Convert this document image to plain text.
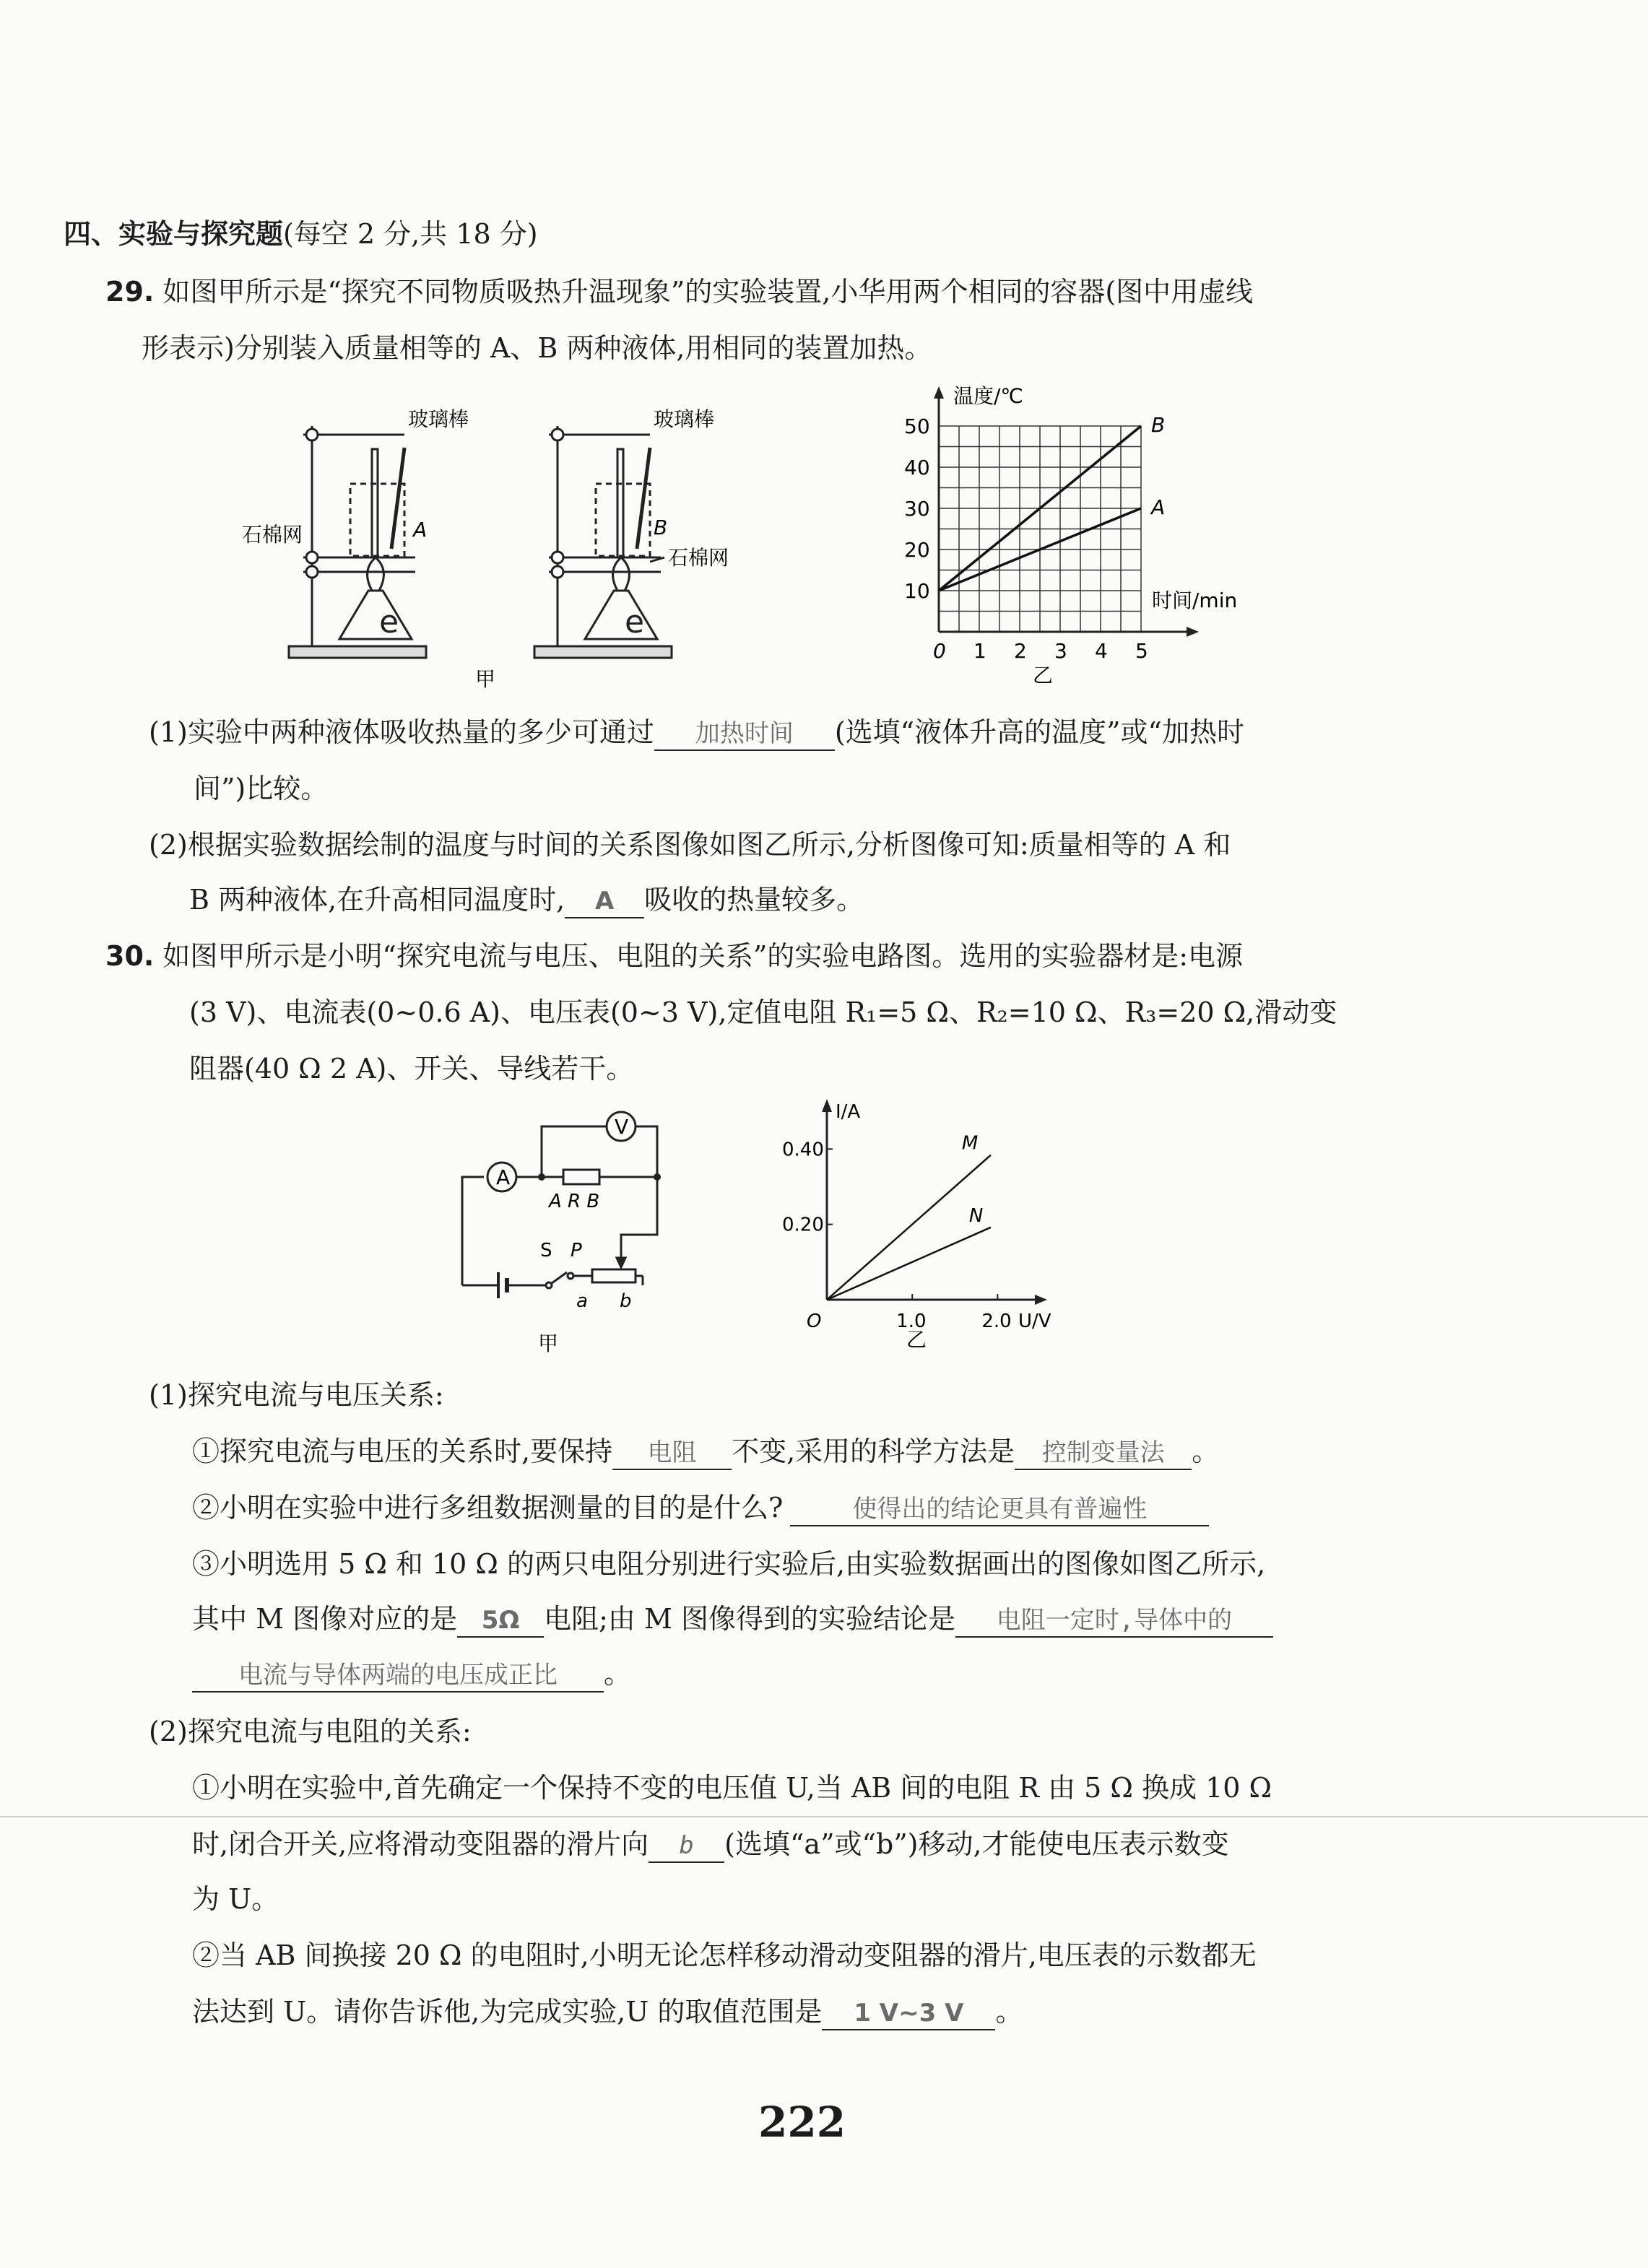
四、实验与探究题(每空 2 分,共 18 分)
29. 如图甲所示是“探究不同物质吸热升温现象”的实验装置,小华用两个相同的容器(图中用虚线
形表示)分别装入质量相等的 A、B 两种液体,用相同的装置加热。
e	e
玻璃棒	玻璃棒
石棉网
石棉网
A	B
甲
0 1 2 3 4 5
10
20
30
40
50
温度/℃
时间/min
B
A
乙
(1)实验中两种液体吸收热量的多少可通过 加热时间 (选填“液体升高的温度”或“加热时
间”)比较。
(2)根据实验数据绘制的温度与时间的关系图像如图乙所示,分析图像可知:质量相等的 A 和
B 两种液体,在升高相同温度时, A 吸收的热量较多。
30. 如图甲所示是小明“探究电流与电压、电阻的关系”的实验电路图。选用的实验器材是:电源
(3 V)、电流表(0~0.6 A)、电压表(0~3 V),定值电阻 R₁=5 Ω、R₂=10 Ω、R₃=20 Ω,滑动变
阻器(40 Ω 2 A)、开关、导线若干。
A
V
A R B
S P
a b
甲
1.0	2.0
O
0.20
0.40
I/A
U/V
M
N
乙
(1)探究电流与电压关系:
①探究电流与电压的关系时,要保持 电阻 不变,采用的科学方法是 控制变量法 。
②小明在实验中进行多组数据测量的目的是什么?	使得出的结论更具有普遍性
③小明选用 5 Ω 和 10 Ω 的两只电阻分别进行实验后,由实验数据画出的图像如图乙所示,
其中 M 图像对应的是 5Ω 电阻;由 M 图像得到的实验结论是 电阻一定时,导体中的
电流与导体两端的电压成正比 。
(2)探究电流与电阻的关系:
①小明在实验中,首先确定一个保持不变的电压值 U,当 AB 间的电阻 R 由 5 Ω 换成 10 Ω
时,闭合开关,应将滑动变阻器的滑片向 b (选填“a”或“b”)移动,才能使电压表示数变
为 U。
②当 AB 间换接 20 Ω 的电阻时,小明无论怎样移动滑动变阻器的滑片,电压表的示数都无
法达到 U。请你告诉他,为完成实验,U 的取值范围是 1 V~3 V 。
222
